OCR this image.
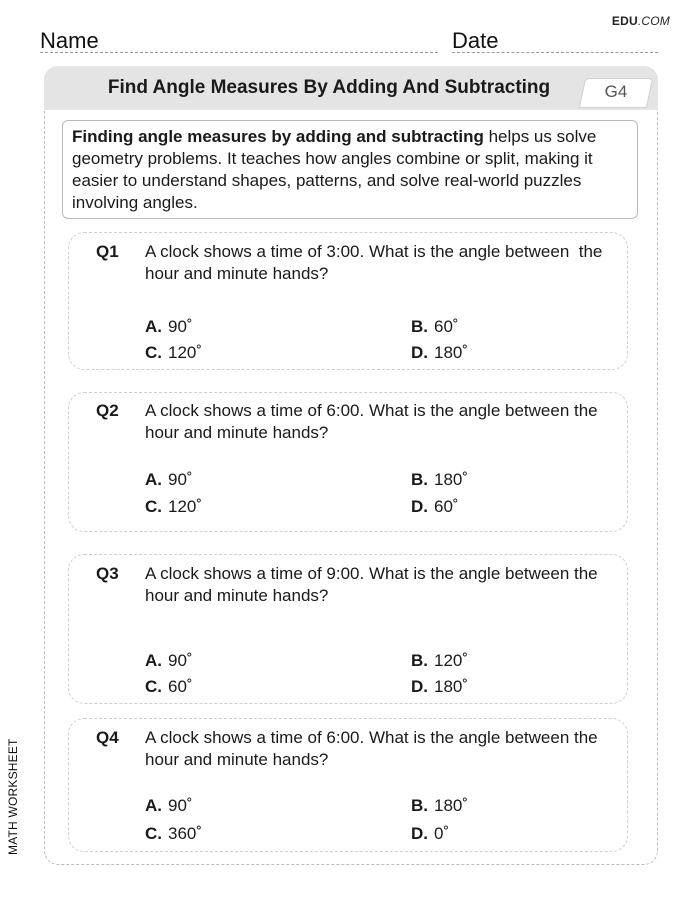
EDU.COM
Name	Date
Find Angle Measures By Adding And Subtracting	G4
Finding angle measures by adding and subtracting helps us solve geometry problems. It teaches how angles combine or split, making it easier to understand shapes, patterns, and solve real-world puzzles involving angles.
Q1 A clock shows a time of 3:00. What is the angle between  the hour and minute hands?
A. 90˚	B. 60˚
C. 120˚	D. 180˚
Q2 A clock shows a time of 6:00. What is the angle between the hour and minute hands?
A. 90˚	B. 180˚
C. 120˚	D. 60˚
Q3 A clock shows a time of 9:00. What is the angle between the hour and minute hands?
A. 90˚	B. 120˚
C. 60˚	D. 180˚
Q4 A clock shows a time of 6:00. What is the angle between the hour and minute hands?
A. 90˚	B. 180˚
C. 360˚	D. 0˚
MATH WORKSHEET
